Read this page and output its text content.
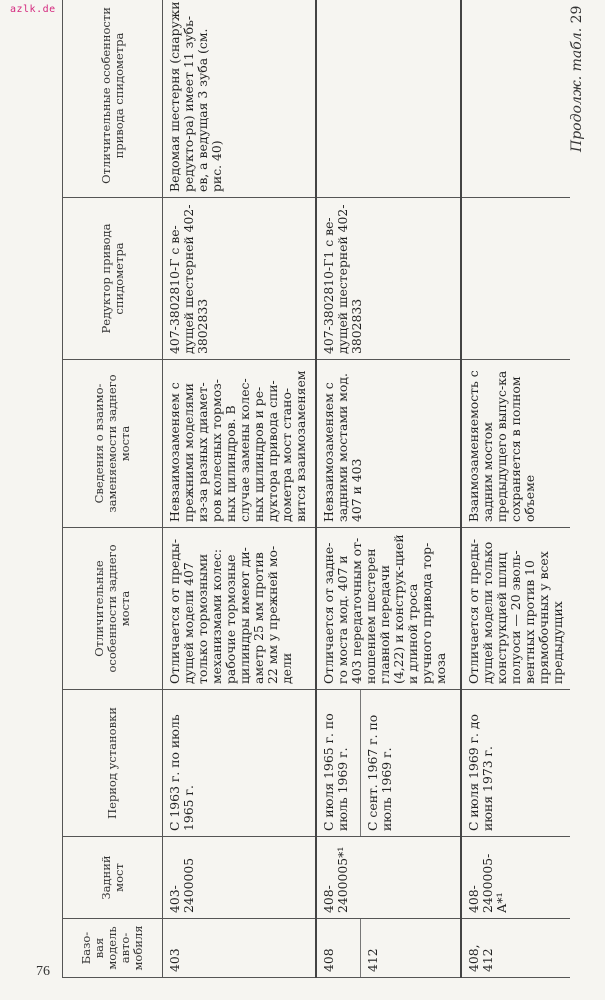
azlk.de
76
Продолж. табл. 29
Базо-вая модель авто-мобиля	Задний мост	Период установки	Отличительные особенности заднего моста	Сведения о взаимо-заменяемости заднего моста	Редуктор привода спидометра	Отличительные особенности привода спидометра
403	403-2400005	С 1963 г. по июль 1965 г.	Отличается от преды-дущей модели 407 только тормозными механизмами колес: рабочие тормозные цилиндры имеют ди-аметр 25 мм против 22 мм у прежней мо-дели	Невзаимозаменяем с прежними моделями из-за разных диамет-ров колесных тормоз-ных цилиндров. В случае замены колес-ных цилиндров и ре-дуктора привода спи-дометра мост стано-вится взаимозаменяем	407-3802810-Г с ве-дущей шестерней 402-3802833	Ведомая шестерня (снаружи редукто-ра) имеет 11 зубь-ев, а ведущая 3 зуба (см. рис. 40)
408	408-2400005*¹	С июля 1965 г. по июль 1969 г.	Отличается от задне-го моста мод. 407 и 403 передаточным от-ношением шестерен главной передачи (4,22) и конструк-цией и длиной троса ручного привода тор-моза	Невзаимозаменяем с задними мостами мод. 407 и 403	407-3802810-Г1 с ве-дущей шестерней 402-3802833	
412		С сент. 1967 г. по июль 1969 г.				
408, 412	408-2400005-А*¹	С июля 1969 г. до июня 1973 г.	Отличается от преды-дущей модели только конструкцией шлиц полуоси — 20 эволь-вентных против 10 прямобочных у всех предыдущих	Взаимозаменяемость с задним мостом предыдущего выпус-ка сохраняется в полном объеме		
